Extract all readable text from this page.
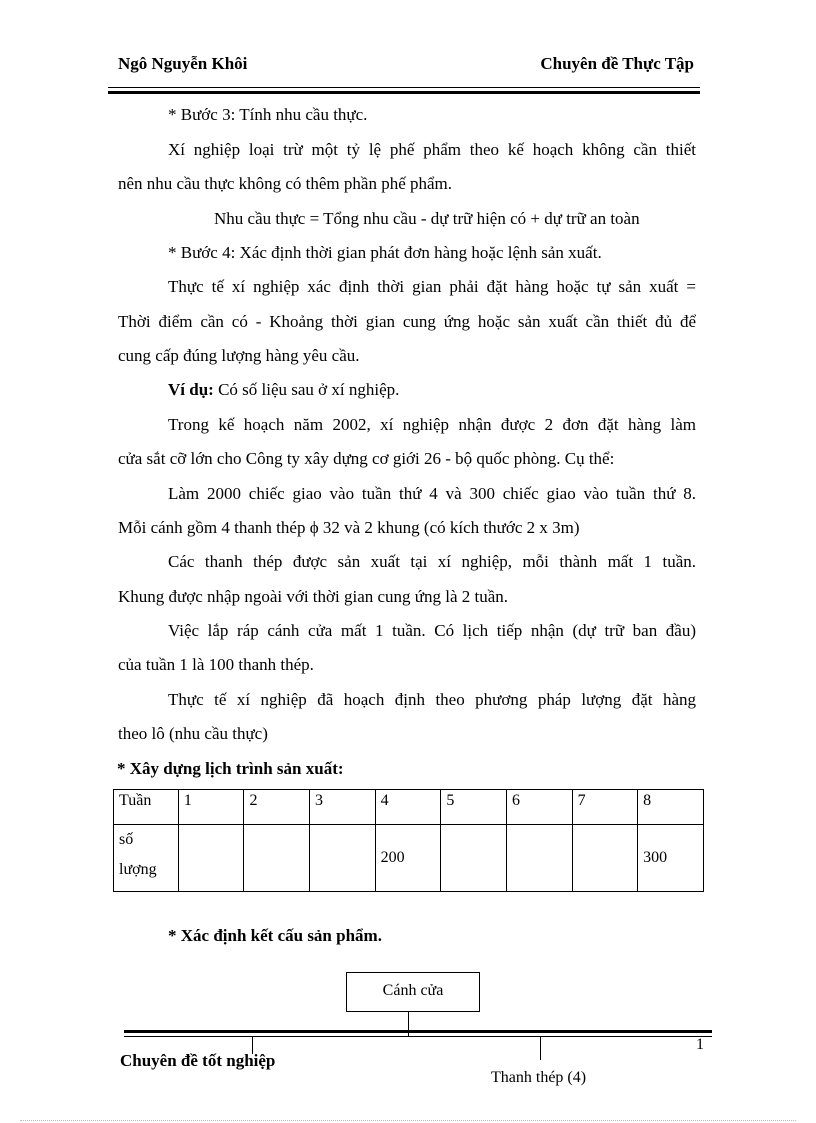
Ngô Nguyễn Khôi	Chuyên đề Thực Tập
* Bước 3: Tính nhu cầu thực.
Xí nghiệp loại trừ một tỷ lệ phế phẩm theo kế hoạch không cần thiết
nên nhu cầu thực không có thêm phần phế phẩm.
Nhu cầu thực = Tổng nhu cầu - dự trữ hiện có + dự trữ an toàn
* Bước 4: Xác định thời gian phát đơn hàng hoặc lệnh sản xuất.
Thực tế xí nghiệp xác định thời gian phải đặt hàng hoặc tự sản xuất =
Thời điểm cần có - Khoảng thời gian cung ứng hoặc sản xuất cần thiết đủ để
cung cấp đúng lượng hàng yêu cầu.
Ví dụ: Có số liệu sau ở xí nghiệp.
Trong kế hoạch năm 2002, xí nghiệp nhận được 2 đơn đặt hàng làm
cửa sắt cỡ lớn cho Công ty xây dựng cơ giới 26 - bộ quốc phòng. Cụ thể:
Làm 2000 chiếc giao vào tuần thứ 4 và 300 chiếc giao vào tuần thứ 8.
Mỗi cánh gồm 4 thanh thép ϕ 32 và 2 khung (có kích thước 2 x 3m)
Các thanh thép được sản xuất tại xí nghiệp, mỗi thành mất 1 tuần.
Khung được nhập ngoài với thời gian cung ứng là 2 tuần.
Việc lắp ráp cánh cửa mất 1 tuần. Có lịch tiếp nhận (dự trữ ban đầu)
của tuần 1 là 100 thanh thép.
Thực tế xí nghiệp đã hoạch định theo phương pháp lượng đặt hàng
theo lô (nhu cầu thực)
* Xây dựng lịch trình sản xuất:
Tuần	1	2	3	4	5	6	7	8

số
lượng				200				300
* Xác định kết cấu sản phẩm.
Cánh cửa
Thanh thép (4)
Chuyên đề tốt nghiệp
1
